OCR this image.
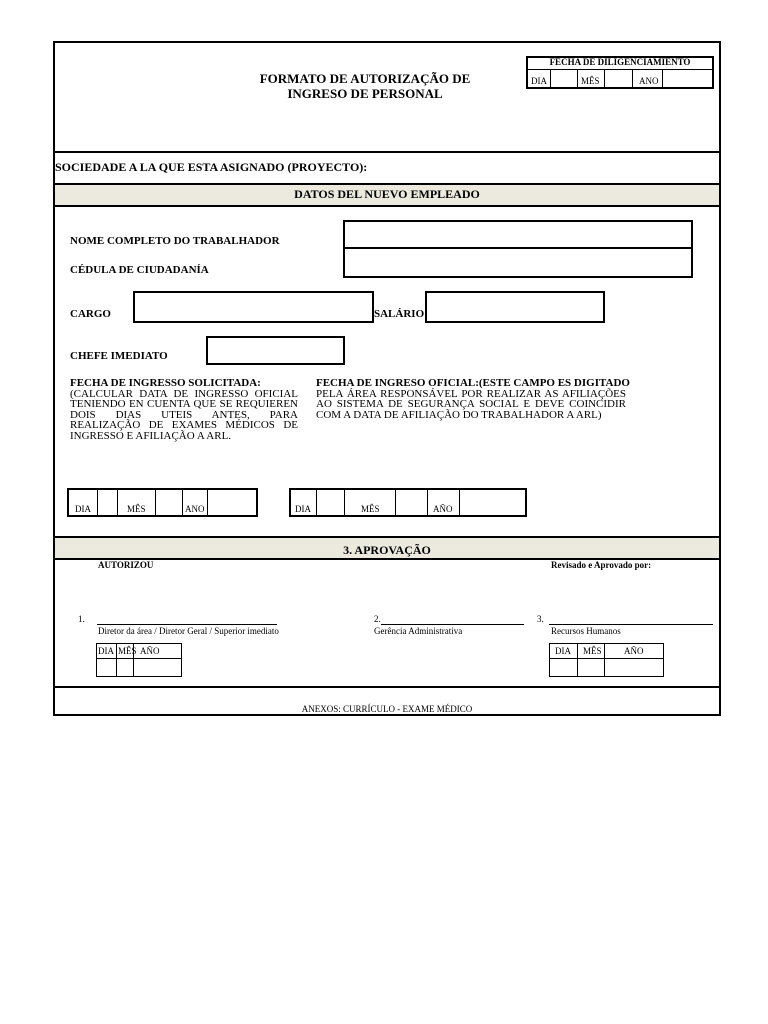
FORMATO DE AUTORIZAÇÃO DE
INGRESO DE PERSONAL
FECHA DE DILIGENCIAMIENTO
DIA	MÊS	ANO
SOCIEDADE A LA QUE ESTA ASIGNADO (PROYECTO):
DATOS DEL NUEVO EMPLEADO
NOME COMPLETO DO TRABALHADOR
CÉDULA DE CIUDADANÍA
CARGO	SALÁRIO
CHEFE IMEDIATO
FECHA DE INGRESSO SOLICITADA:
(CALCULAR DATA DE INGRESSO OFICIAL TENIENDO EN CUENTA QUE SE REQUIEREN DOIS DIAS UTEIS ANTES, PARA REALIZAÇÃO DE EXAMES MÉDICOS DE INGRESSO E AFILIAÇÃO A ARL.
FECHA DE INGRESO OFICIAL:(ESTE CAMPO ES DIGITADO
PELA ÁREA RESPONSÁVEL POR REALIZAR AS AFILIAÇÕES AO SISTEMA DE SEGURANÇA SOCIAL E DEVE COINCIDIR COM A DATA DE AFILIAÇÃO DO TRABALHADOR A ARL)
DIA	MÊS	ANO	DIA	MÊS	AÑO
3. APROVAÇÃO
AUTORIZOU	Revisado e Aprovado por:
1.
Diretor da área / Diretor Geral / Superior imediato
2.
Gerência Administrativa
3.
Recursos Humanos
DIA MÊS AÑO	DIA MÊS AÑO
ANEXOS: CURRÍCULO - EXAME MÉDICO
